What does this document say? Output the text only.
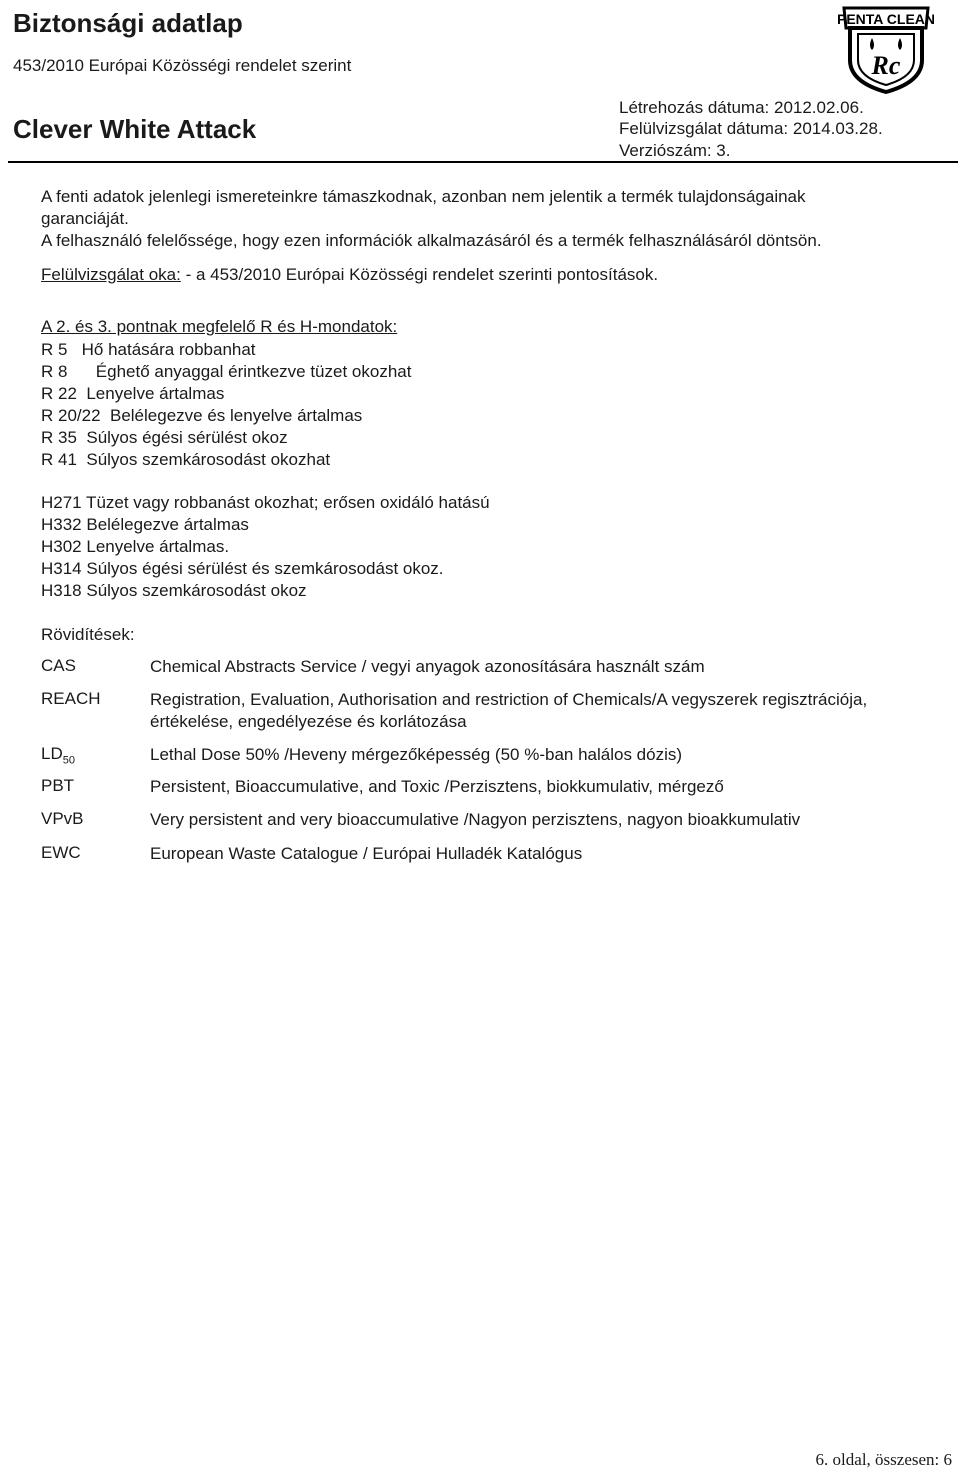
Biztonsági adatlap
453/2010 Európai Közösségi rendelet szerint
Clever White Attack
Létrehozás dátuma: 2012.02.06.
Felülvizsgálat dátuma: 2014.03.28.
Verziószám: 3.
PENTA CLEAN
Rc
A fenti adatok jelenlegi ismereteinkre támaszkodnak, azonban nem jelentik a termék tulajdonságainak
garanciáját.
A felhasználó felelőssége, hogy ezen információk alkalmazásáról és a termék felhasználásáról döntsön.
Felülvizsgálat oka: - a 453/2010 Európai Közösségi rendelet szerinti pontosítások.
A 2. és 3. pontnak megfelelő R és H-mondatok:
R 5   Hő hatására robbanhat
R 8      Éghető anyaggal érintkezve tüzet okozhat
R 22  Lenyelve ártalmas
R 20/22  Belélegezve és lenyelve ártalmas
R 35  Súlyos égési sérülést okoz
R 41  Súlyos szemkárosodást okozhat
H271 Tüzet vagy robbanást okozhat; erősen oxidáló hatású
H332 Belélegezve ártalmas
H302 Lenyelve ártalmas.
H314 Súlyos égési sérülést és szemkárosodást okoz.
H318 Súlyos szemkárosodást okoz
Rövidítések:
CAS	Chemical Abstracts Service / vegyi anyagok azonosítására használt szám
REACH	Registration, Evaluation, Authorisation and restriction of Chemicals/A vegyszerek regisztrációja, értékelése, engedélyezése és korlátozása
$LD_{50}$	Lethal Dose 50% /Heveny mérgezőképesség (50 %-ban halálos dózis)
PBT	Persistent, Bioaccumulative, and Toxic /Perzisztens, biokkumulativ, mérgező
VPvB	Very persistent and very bioaccumulative /Nagyon perzisztens, nagyon bioakkumulativ
EWC	European Waste Catalogue / Európai Hulladék Katalógus
6. oldal, összesen: 6
